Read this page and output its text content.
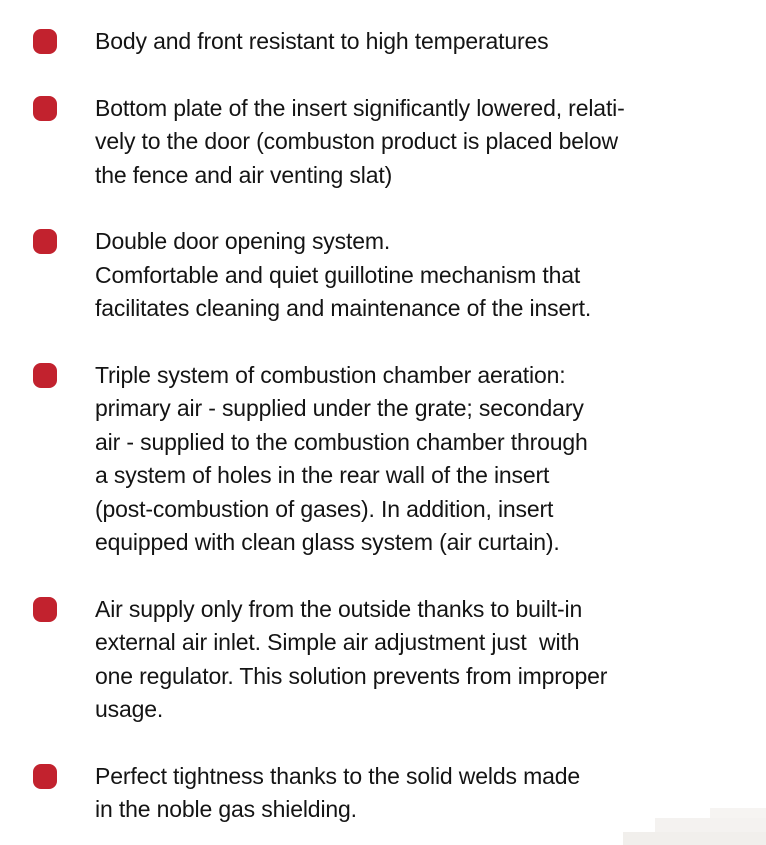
Body and front resistant to high temperatures
Bottom plate of the insert significantly lowered, relati-
vely to the door (combuston product is placed below
the fence and air venting slat)
Double door opening system.
Comfortable and quiet guillotine mechanism that
facilitates cleaning and maintenance of the insert.
Triple system of combustion chamber aeration:
primary air - supplied under the grate; secondary
air - supplied to the combustion chamber through
a system of holes in the rear wall of the insert
(post-combustion of gases). In addition, insert
equipped with clean glass system (air curtain).
Air supply only from the outside thanks to built-in
external air inlet. Simple air adjustment just  with
one regulator. This solution prevents from improper
usage.
Perfect tightness thanks to the solid welds made
in the noble gas shielding.
